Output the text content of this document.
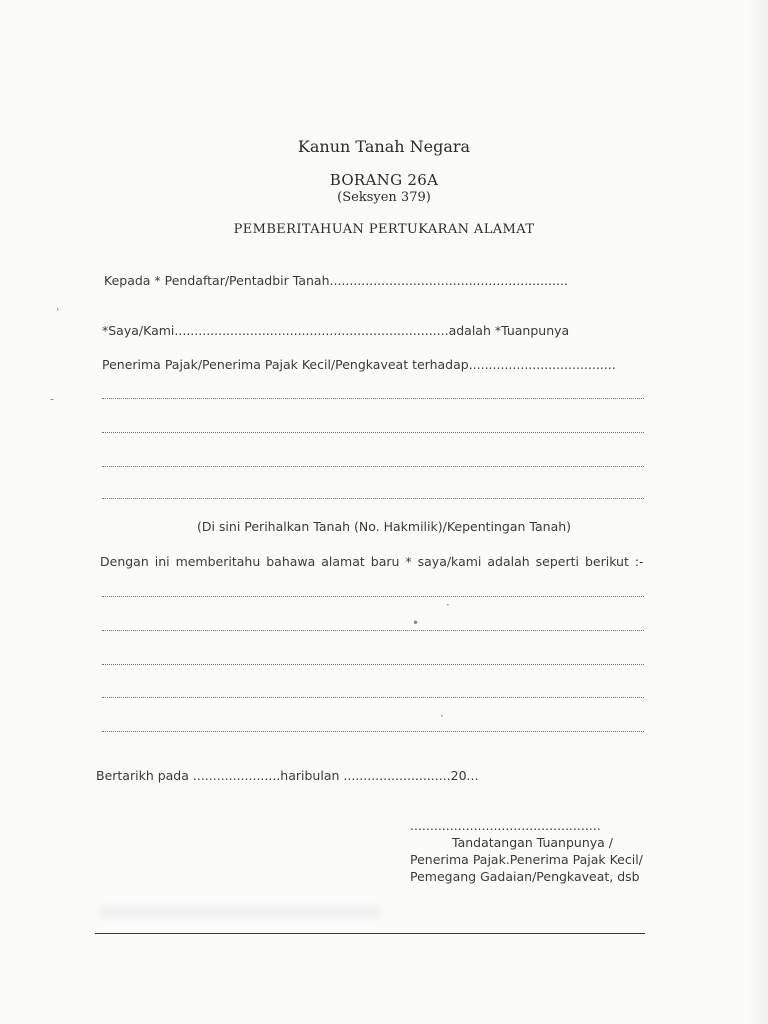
Kanun Tanah Negara
BORANG 26A
(Seksyen 379)
PEMBERITAHUAN PERTUKARAN ALAMAT
Kepada * Pendaftar/Pentadbir Tanah............................................................
*Saya/Kami.....................................................................adalah *Tuanpunya
Penerima Pajak/Penerima Pajak Kecil/Pengkaveat terhadap.....................................
(Di sini Perihalkan Tanah (No. Hakmilik)/Kepentingan Tanah)
Dengan ini memberitahu bahawa alamat baru * saya/kami adalah seperti berikut :-
Bertarikh pada ......................haribulan ...........................20...
................................................
Tandatangan Tuanpunya /
Penerima Pajak.Penerima Pajak Kecil/
Pemegang Gadaian/Pengkaveat, dsb
ˈ
-
·
•
·
